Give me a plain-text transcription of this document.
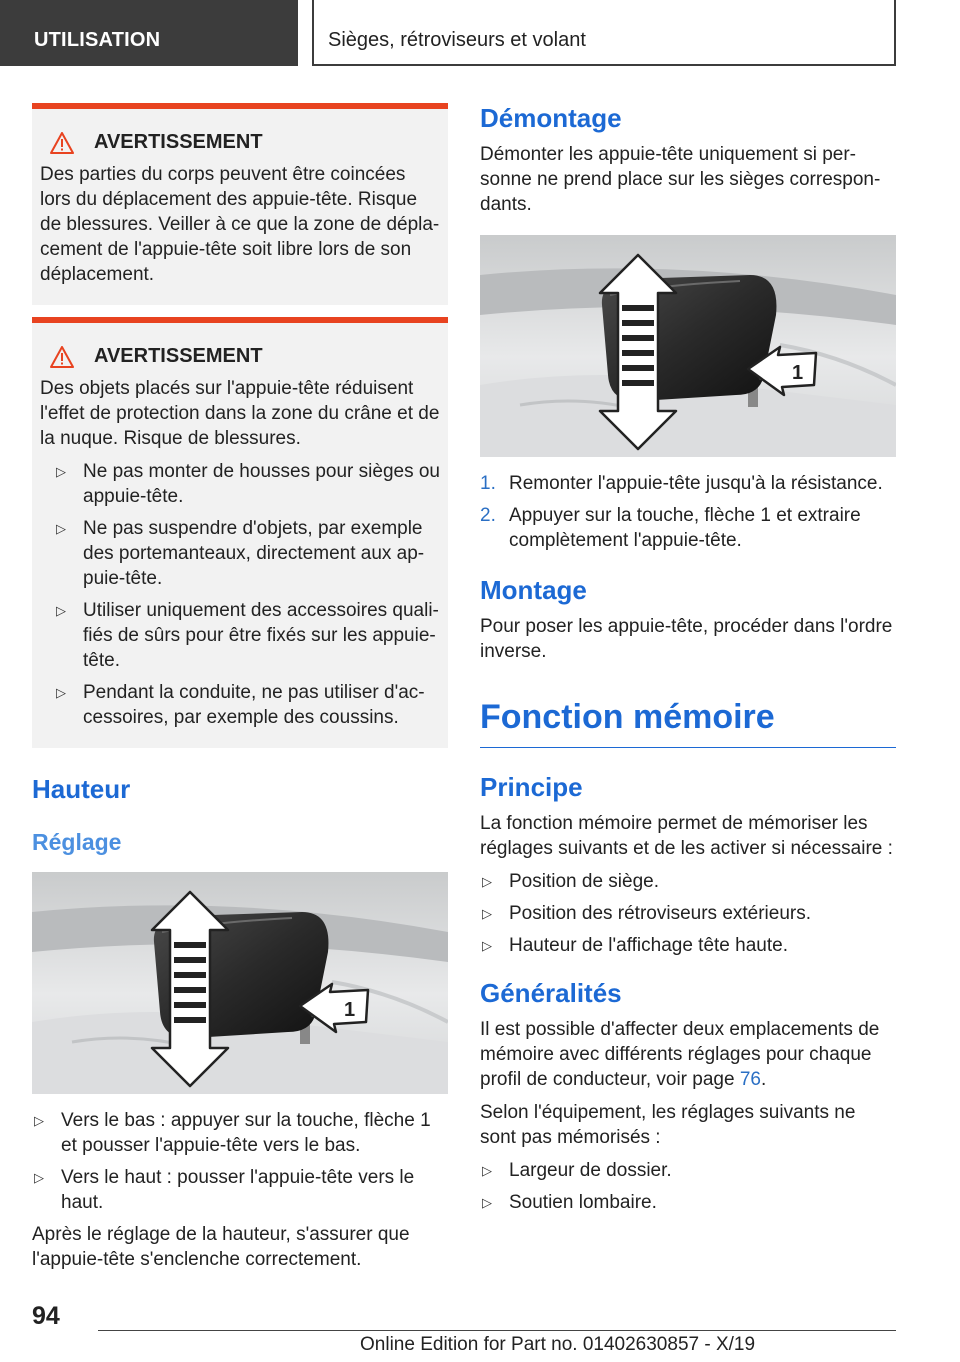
UTILISATION	Sièges, rétroviseurs et volant
AVERTISSEMENT

Des parties du corps peuvent être coincées lors du déplacement des appuie-tête. Risque de blessures. Veiller à ce que la zone de dépla-cement de l'appuie-tête soit libre lors de son déplacement.

AVERTISSEMENT

Des objets placés sur l'appuie-tête réduisent l'effet de protection dans la zone du crâne et de la nuque. Risque de blessures.

▷ Ne pas monter de housses pour sièges ou appuie-tête.
▷ Ne pas suspendre d'objets, par exemple des portemanteaux, directement aux ap-puie-tête.
▷ Utiliser uniquement des accessoires quali-fiés de sûrs pour être fixés sur les appuie-tête.
▷ Pendant la conduite, ne pas utiliser d'ac-cessoires, par exemple des coussins.
Hauteur
Réglage
1
▷ Vers le bas : appuyer sur la touche, flèche 1 et pousser l'appuie-tête vers le bas.
▷ Vers le haut : pousser l'appuie-tête vers le haut.

Après le réglage de la hauteur, s'assurer que l'appuie-tête s'enclenche correctement.

Démontage

Démonter les appuie-tête uniquement si per-sonne ne prend place sur les sièges correspon-dants.

1
1. Remonter l'appuie-tête jusqu'à la résistance.
2. Appuyer sur la touche, flèche 1 et extraire complètement l'appuie-tête.
Montage

Pour poser les appuie-tête, procéder dans l'ordre inverse.

Fonction mémoire
Principe

La fonction mémoire permet de mémoriser les réglages suivants et de les activer si nécessaire :

▷ Position de siège.
▷ Position des rétroviseurs extérieurs.
▷ Hauteur de l'affichage tête haute.
Généralités

Il est possible d'affecter deux emplacements de mémoire avec différents réglages pour chaque profil de conducteur, voir page 76.

Selon l'équipement, les réglages suivants ne sont pas mémorisés :

▷ Largeur de dossier.
▷ Soutien lombaire.
94
Online Edition for Part no. 01402630857 - X/19
